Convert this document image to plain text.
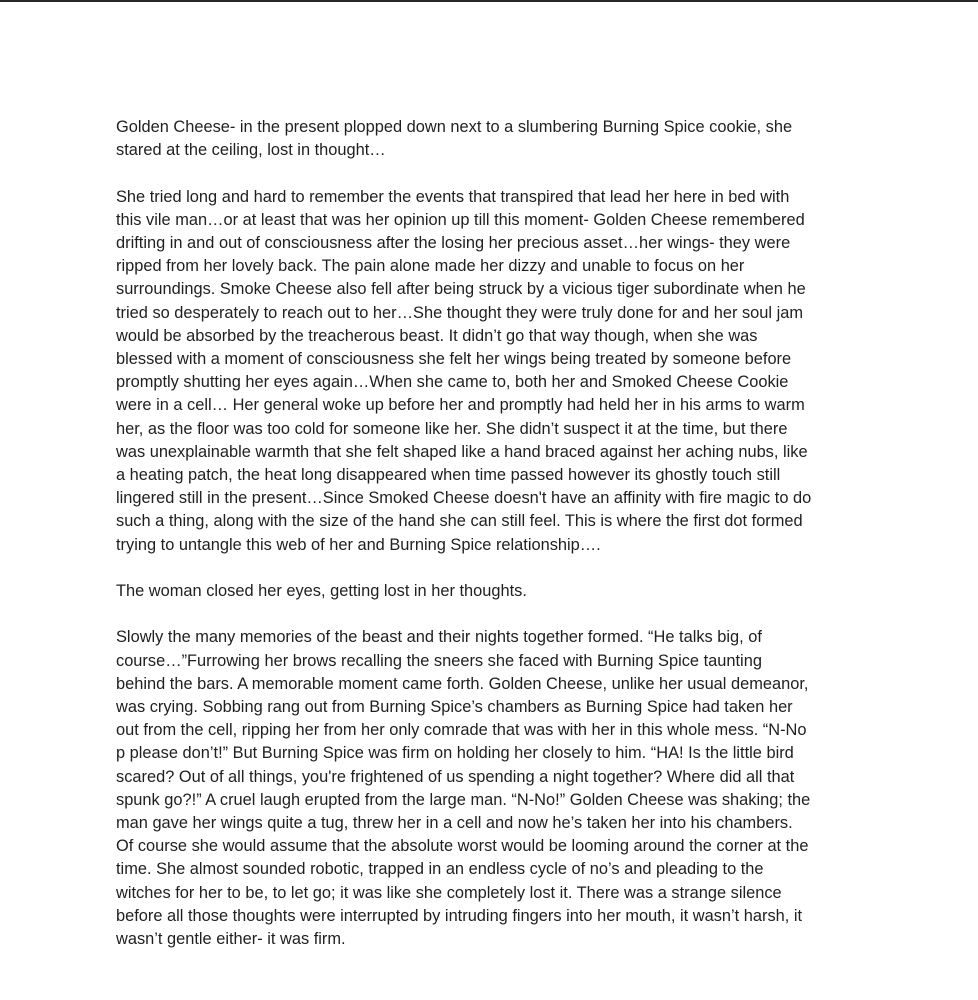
Golden Cheese- in the present plopped down next to a slumbering Burning Spice cookie, she
stared at the ceiling, lost in thought…

She tried long and hard to remember the events that transpired that lead her here in bed with
this vile man…or at least that was her opinion up till this moment- Golden Cheese remembered
drifting in and out of consciousness after the losing her precious asset…her wings- they were
ripped from her lovely back. The pain alone made her dizzy and unable to focus on her
surroundings. Smoke Cheese also fell after being struck by a vicious tiger subordinate when he
tried so desperately to reach out to her…She thought they were truly done for and her soul jam
would be absorbed by the treacherous beast. It didn’t go that way though, when she was
blessed with a moment of consciousness she felt her wings being treated by someone before
promptly shutting her eyes again…When she came to, both her and Smoked Cheese Cookie
were in a cell… Her general woke up before her and promptly had held her in his arms to warm
her, as the floor was too cold for someone like her. She didn’t suspect it at the time, but there
was unexplainable warmth that she felt shaped like a hand braced against her aching nubs, like
a heating patch, the heat long disappeared when time passed however its ghostly touch still
lingered still in the present…Since Smoked Cheese doesn't have an affinity with fire magic to do
such a thing, along with the size of the hand she can still feel. This is where the first dot formed
trying to untangle this web of her and Burning Spice relationship….

The woman closed her eyes, getting lost in her thoughts.

Slowly the many memories of the beast and their nights together formed. “He talks big, of
course…”Furrowing her brows recalling the sneers she faced with Burning Spice taunting
behind the bars. A memorable moment came forth. Golden Cheese, unlike her usual demeanor,
was crying. Sobbing rang out from Burning Spice’s chambers as Burning Spice had taken her
out from the cell, ripping her from her only comrade that was with her in this whole mess. “N-No
p please don’t!” But Burning Spice was firm on holding her closely to him. “HA! Is the little bird
scared? Out of all things, you're frightened of us spending a night together? Where did all that
spunk go?!” A cruel laugh erupted from the large man. “N-No!” Golden Cheese was shaking; the
man gave her wings quite a tug, threw her in a cell and now he’s taken her into his chambers.
Of course she would assume that the absolute worst would be looming around the corner at the
time. She almost sounded robotic, trapped in an endless cycle of no’s and pleading to the
witches for her to be, to let go; it was like she completely lost it. There was a strange silence
before all those thoughts were interrupted by intruding fingers into her mouth, it wasn’t harsh, it
wasn’t gentle either- it was firm.
